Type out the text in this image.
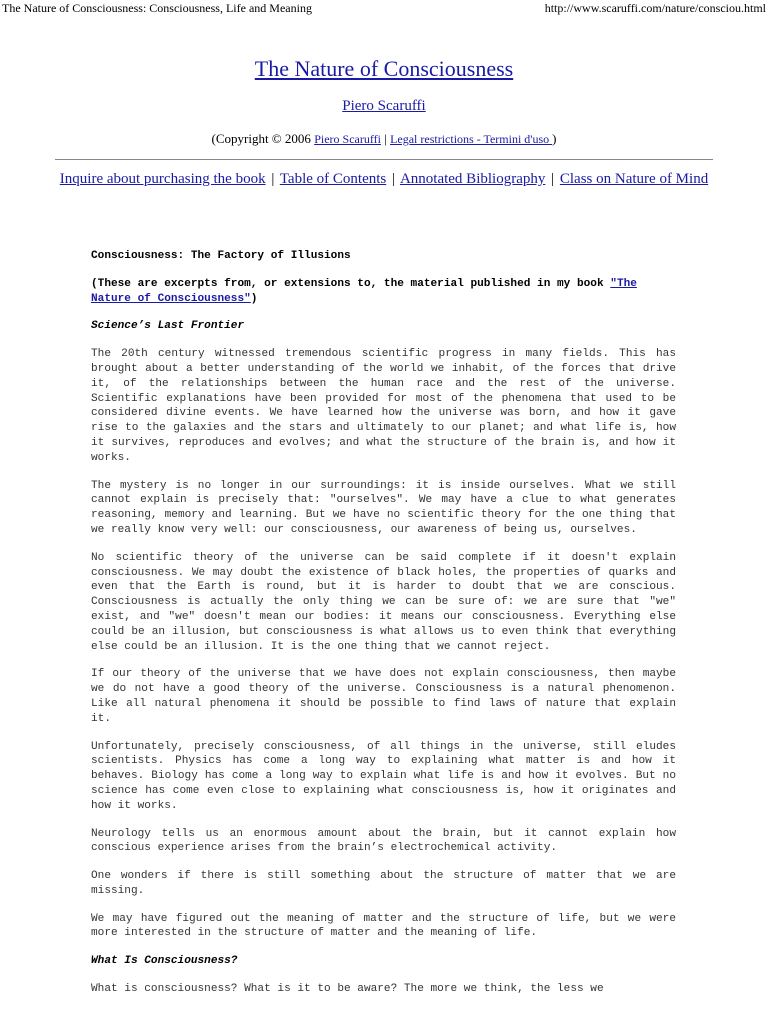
The Nature of Consciousness: Consciousness, Life and Meaning	http://www.scaruffi.com/nature/consciou.html
The Nature of Consciousness
Piero Scaruffi
(Copyright © 2006 Piero Scaruffi | Legal restrictions - Termini d'uso )
Inquire about purchasing the book | Table of Contents | Annotated Bibliography | Class on Nature of Mind
Consciousness: The Factory of Illusions
(These are excerpts from, or extensions to, the material published in my book "The Nature of Consciousness")
Science’s Last Frontier

The 20th century witnessed tremendous scientific progress in many fields. This has brought about a better understanding of the world we inhabit, of the forces that drive it, of the relationships between the human race and the rest of the universe. Scientific explanations have been provided for most of the phenomena that used to be considered divine events. We have learned how the universe was born, and how it gave rise to the galaxies and the stars and ultimately to our planet; and what life is, how it survives, reproduces and evolves; and what the structure of the brain is, and how it works.

The mystery is no longer in our surroundings: it is inside ourselves. What we still cannot explain is precisely that: "ourselves". We may have a clue to what generates reasoning, memory and learning. But we have no scientific theory for the one thing that we really know very well: our consciousness, our awareness of being us, ourselves.

No scientific theory of the universe can be said complete if it doesn't explain consciousness. We may doubt the existence of black holes, the properties of quarks and even that the Earth is round, but it is harder to doubt that we are conscious. Consciousness is actually the only thing we can be sure of: we are sure that "we" exist, and "we" doesn't mean our bodies: it means our consciousness. Everything else could be an illusion, but consciousness is what allows us to even think that everything else could be an illusion. It is the one thing that we cannot reject.

If our theory of the universe that we have does not explain consciousness, then maybe we do not have a good theory of the universe. Consciousness is a natural phenomenon. Like all natural phenomena it should be possible to find laws of nature that explain it.

Unfortunately, precisely consciousness, of all things in the universe, still eludes scientists. Physics has come a long way to explaining what matter is and how it behaves. Biology has come a long way to explain what life is and how it evolves. But no science has come even close to explaining what consciousness is, how it originates and how it works.

Neurology tells us an enormous amount about the brain, but it cannot explain how conscious experience arises from the brain’s electrochemical activity.

One wonders if there is still something about the structure of matter that we are missing.

We may have figured out the meaning of matter and the structure of life, but we were more interested in the structure of matter and the meaning of life.

What Is Consciousness?

What is consciousness? What is it to be aware? The more we think, the less we
